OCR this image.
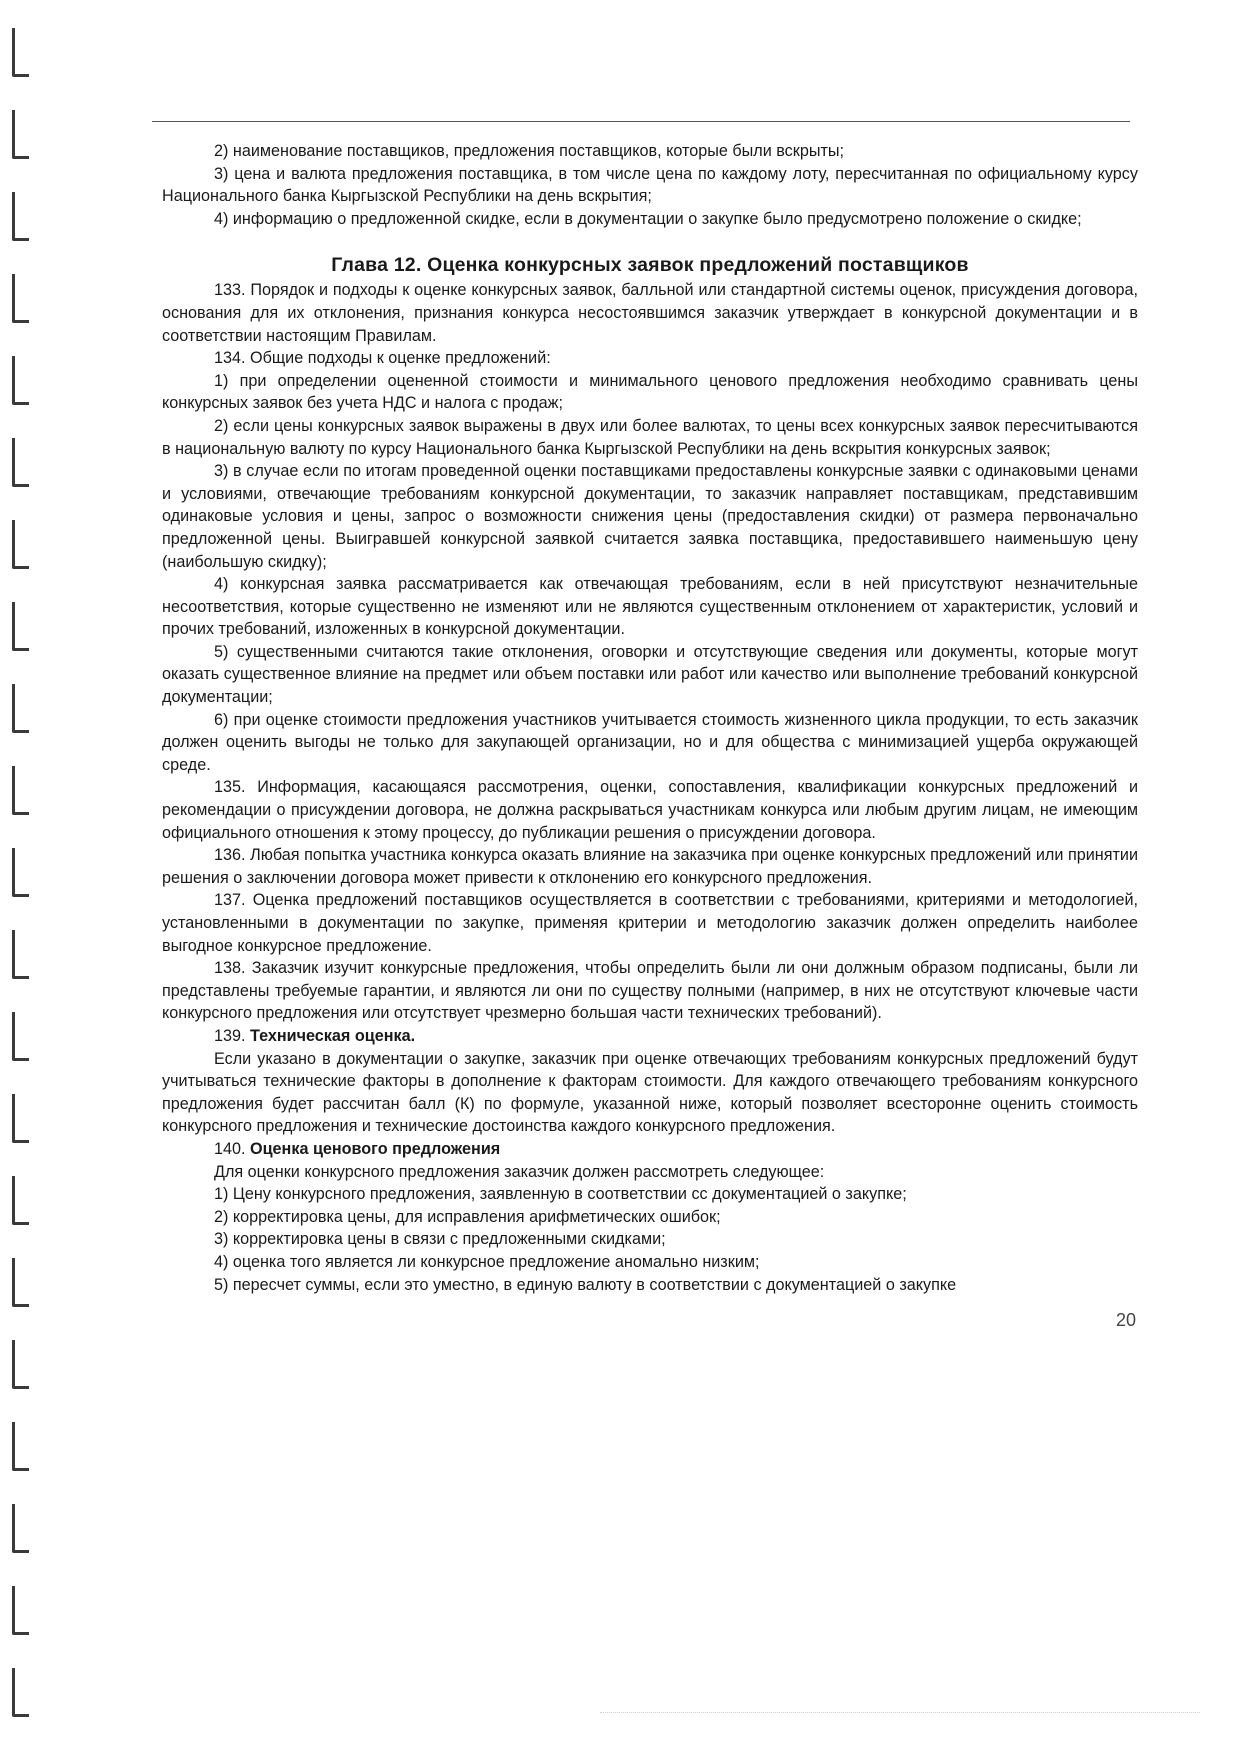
2) наименование поставщиков, предложения поставщиков, которые были вскрыты;

3) цена и валюта предложения поставщика, в том числе цена по каждому лоту, пересчитанная по официальному курсу Национального банка Кыргызской Республики на день вскрытия;

4) информацию о предложенной скидке, если в документации о закупке было предусмотрено положение о скидке;

Глава 12. Оценка конкурсных заявок предложений поставщиков

133. Порядок и подходы к оценке конкурсных заявок, балльной или стандартной системы оценок, присуждения договора, основания для их отклонения, признания конкурса несостоявшимся заказчик утверждает в конкурсной документации и в соответствии настоящим Правилам.

134. Общие подходы к оценке предложений:

1) при определении оцененной стоимости и минимального ценового предложения необходимо сравнивать цены конкурсных заявок без учета НДС и налога с продаж;

2) если цены конкурсных заявок выражены в двух или более валютах, то цены всех конкурсных заявок пересчитываются в национальную валюту по курсу Национального банка Кыргызской Республики на день вскрытия конкурсных заявок;

3) в случае если по итогам проведенной оценки поставщиками предоставлены конкурсные заявки с одинаковыми ценами и условиями, отвечающие требованиям конкурсной документации, то заказчик направляет поставщикам, представившим одинаковые условия и цены, запрос о возможности снижения цены (предоставления скидки) от размера первоначально предложенной цены. Выигравшей конкурсной заявкой считается заявка поставщика, предоставившего наименьшую цену (наибольшую скидку);

4) конкурсная заявка рассматривается как отвечающая требованиям, если в ней присутствуют незначительные несоответствия, которые существенно не изменяют или не являются существенным отклонением от характеристик, условий и прочих требований, изложенных в конкурсной документации.

5) существенными считаются такие отклонения, оговорки и отсутствующие сведения или документы, которые могут оказать существенное влияние на предмет или объем поставки или работ или качество или выполнение требований конкурсной документации;

6) при оценке стоимости предложения участников учитывается стоимость жизненного цикла продукции, то есть заказчик должен оценить выгоды не только для закупающей организации, но и для общества с минимизацией ущерба окружающей среде.

135. Информация, касающаяся рассмотрения, оценки, сопоставления, квалификации конкурсных предложений и рекомендации о присуждении договора, не должна раскрываться участникам конкурса или любым другим лицам, не имеющим официального отношения к этому процессу, до публикации решения о присуждении договора.

136. Любая попытка участника конкурса оказать влияние на заказчика при оценке конкурсных предложений или принятии решения о заключении договора может привести к отклонению его конкурсного предложения.

137. Оценка предложений поставщиков осуществляется в соответствии с требованиями, критериями и методологией, установленными в документации по закупке, применяя критерии и методологию заказчик должен определить наиболее выгодное конкурсное предложение.

138. Заказчик изучит конкурсные предложения, чтобы определить были ли они должным образом подписаны, были ли представлены требуемые гарантии, и являются ли они по существу полными (например, в них не отсутствуют ключевые части конкурсного предложения или отсутствует чрезмерно большая части технических требований).

139. Техническая оценка.

Если указано в документации о закупке, заказчик при оценке отвечающих требованиям конкурсных предложений будут учитываться технические факторы в дополнение к факторам стоимости. Для каждого отвечающего требованиям конкурсного предложения будет рассчитан балл (К) по формуле, указанной ниже, который позволяет всесторонне оценить стоимость конкурсного предложения и технические достоинства каждого конкурсного предложения.

140. Оценка ценового предложения

Для оценки конкурсного предложения заказчик должен рассмотреть следующее:

1) Цену конкурсного предложения, заявленную в соответствии сс документацией о закупке;

2) корректировка цены, для исправления арифметических ошибок;

3) корректировка цены в связи с предложенными скидками;

4) оценка того является ли конкурсное предложение аномально низким;

5) пересчет суммы, если это уместно, в единую валюту в соответствии с документацией о закупке

20
